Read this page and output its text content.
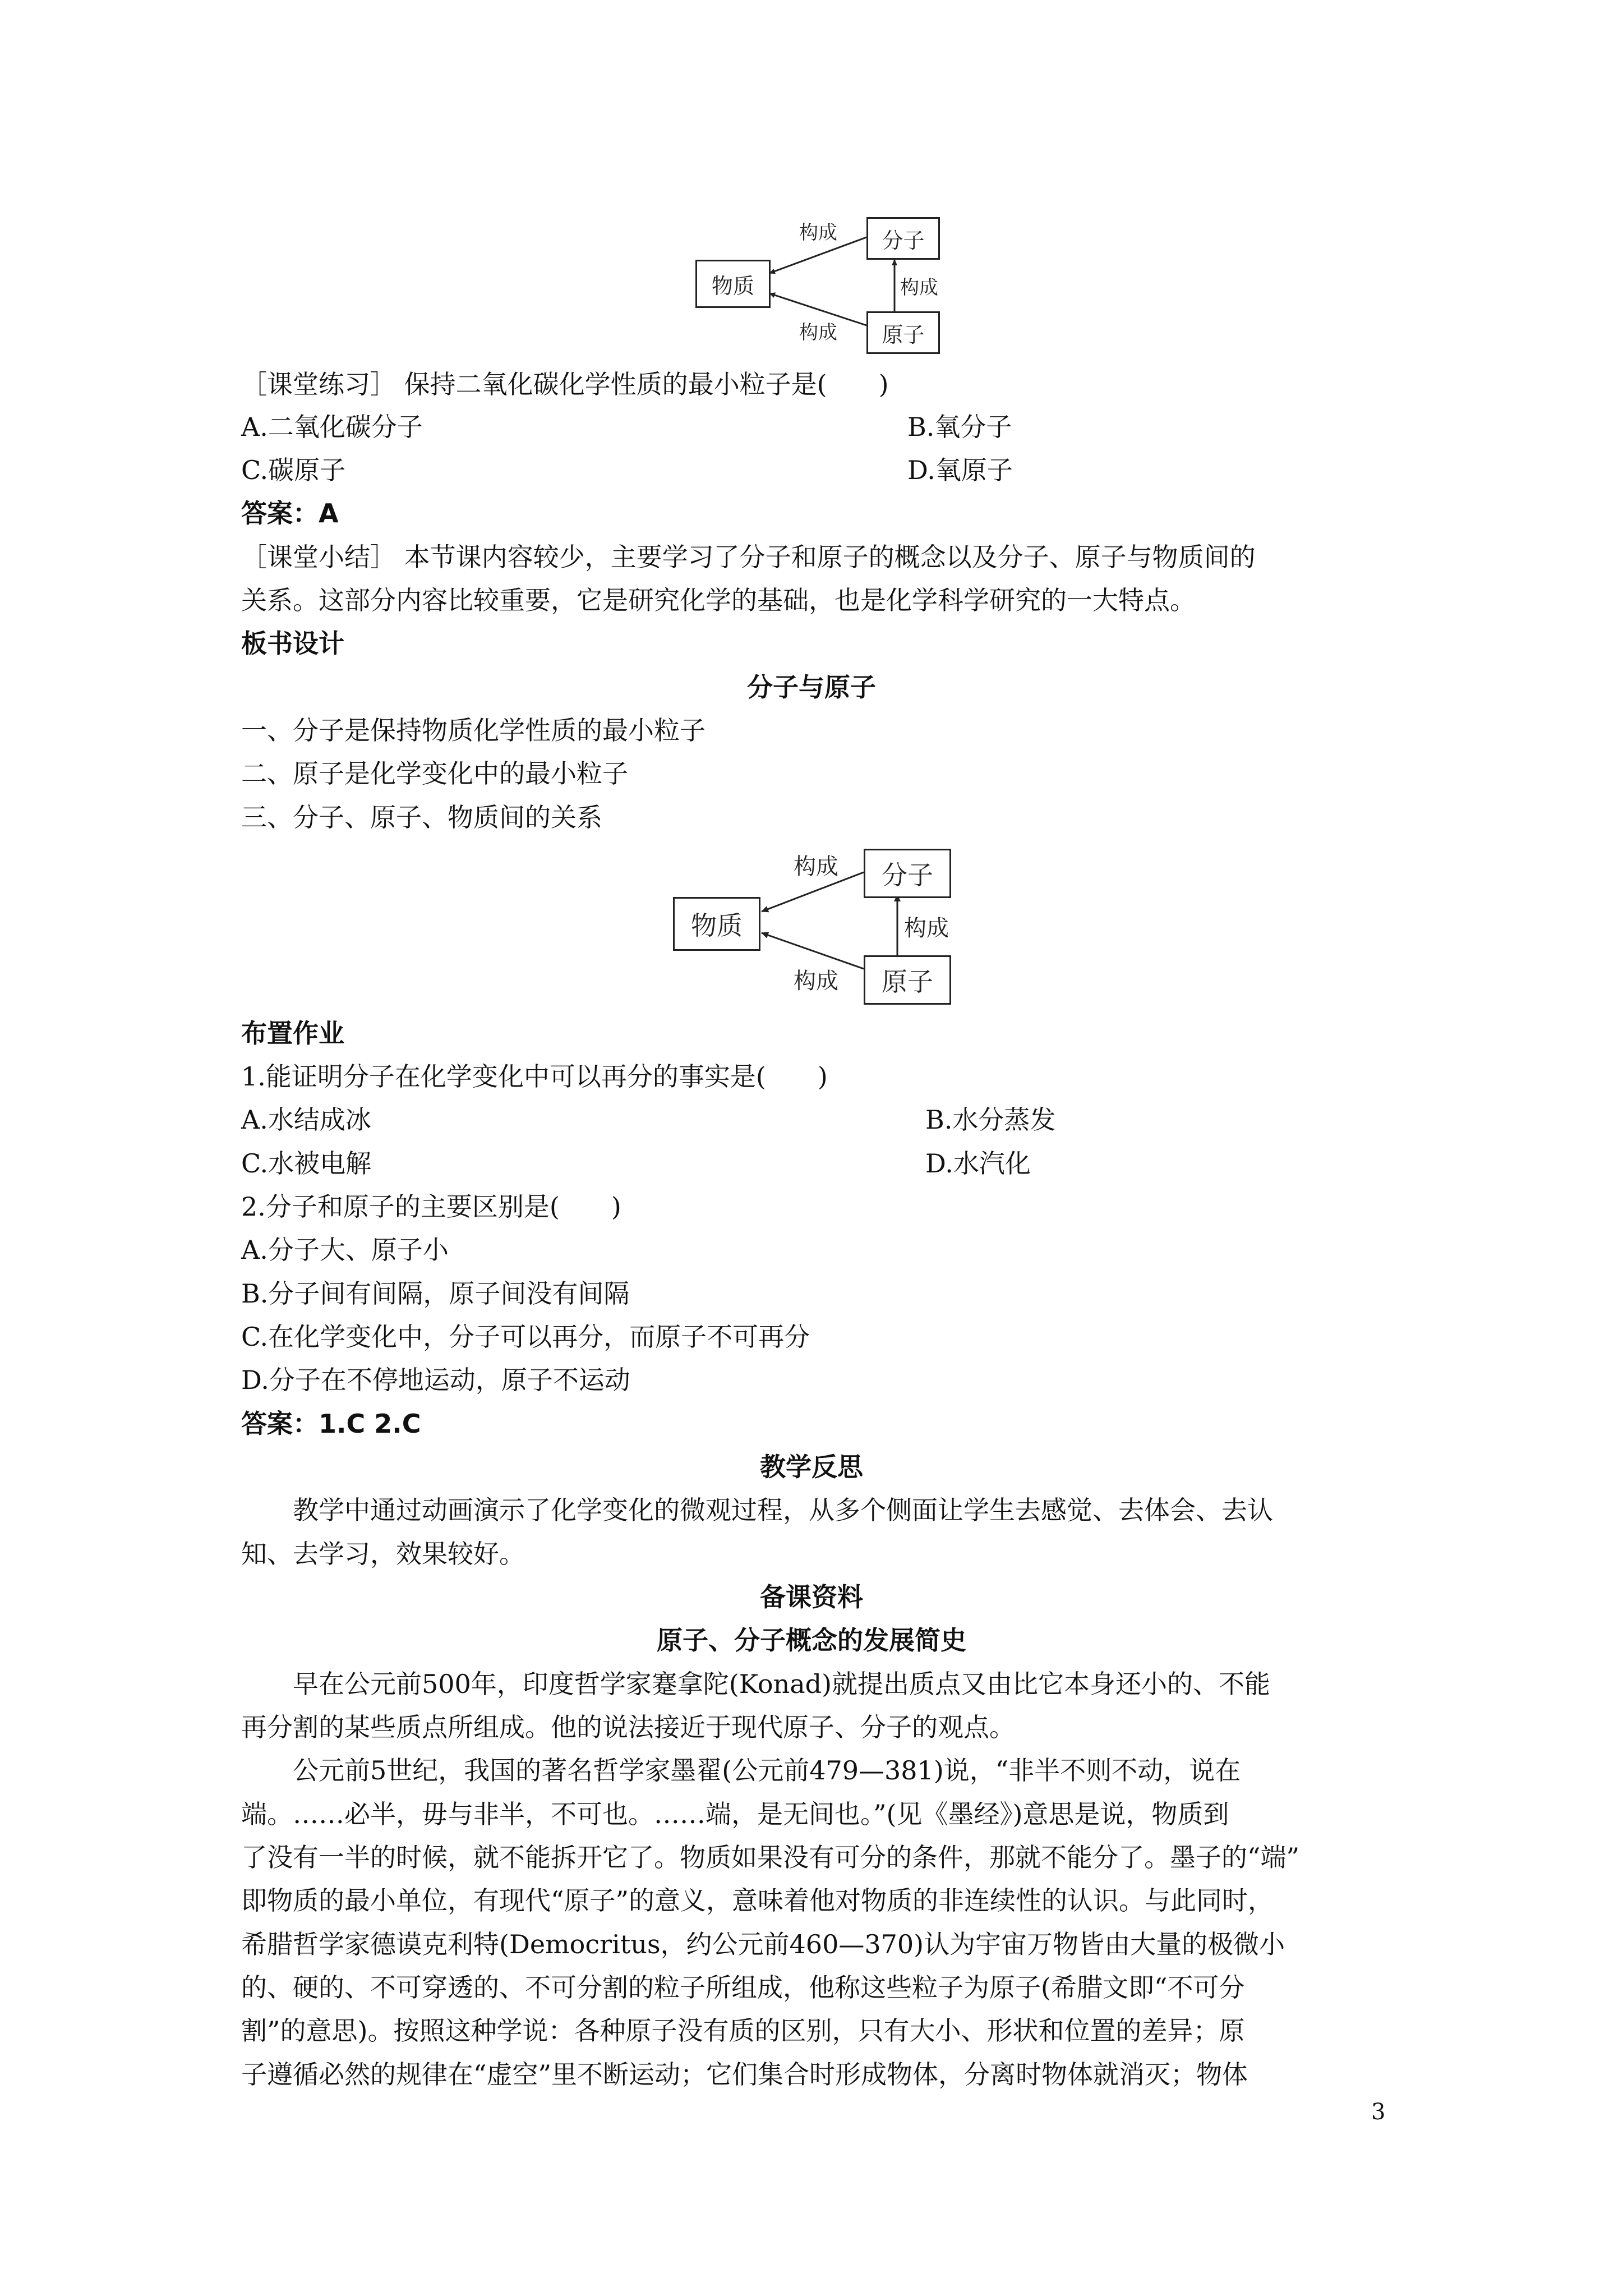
物质
分子
原子
构成
构成
构成
［课堂练习］ 保持二氧化碳化学性质的最小粒子是(　　)
A.二氧化碳分子	B.氧分子
C.碳原子	D.氧原子
答案：A
［课堂小结］ 本节课内容较少，主要学习了分子和原子的概念以及分子、原子与物质间的
关系。这部分内容比较重要，它是研究化学的基础，也是化学科学研究的一大特点。
板书设计
分子与原子
一、分子是保持物质化学性质的最小粒子
二、原子是化学变化中的最小粒子
三、分子、原子、物质间的关系
物质
分子
原子
构成
构成
构成
布置作业
1.能证明分子在化学变化中可以再分的事实是(　　)
A.水结成冰	B.水分蒸发
C.水被电解	D.水汽化
2.分子和原子的主要区别是(　　)
A.分子大、原子小
B.分子间有间隔，原子间没有间隔
C.在化学变化中，分子可以再分，而原子不可再分
D.分子在不停地运动，原子不运动
答案：1.C 2.C
教学反思
教学中通过动画演示了化学变化的微观过程，从多个侧面让学生去感觉、去体会、去认
知、去学习，效果较好。
备课资料
原子、分子概念的发展简史
早在公元前500年，印度哲学家蹇拿陀(Konad)就提出质点又由比它本身还小的、不能
再分割的某些质点所组成。他的说法接近于现代原子、分子的观点。
公元前5世纪，我国的著名哲学家墨翟(公元前479—381)说，“非半不则不动，说在
端。……必半，毋与非半，不可也。……端，是无间也。”(见《墨经》)意思是说，物质到
了没有一半的时候，就不能拆开它了。物质如果没有可分的条件，那就不能分了。墨子的“端”
即物质的最小单位，有现代“原子”的意义，意味着他对物质的非连续性的认识。与此同时，
希腊哲学家德谟克利特(Democritus，约公元前460—370)认为宇宙万物皆由大量的极微小
的、硬的、不可穿透的、不可分割的粒子所组成，他称这些粒子为原子(希腊文即“不可分
割”的意思)。按照这种学说：各种原子没有质的区别，只有大小、形状和位置的差异；原
子遵循必然的规律在“虚空”里不断运动；它们集合时形成物体，分离时物体就消灭；物体
3
